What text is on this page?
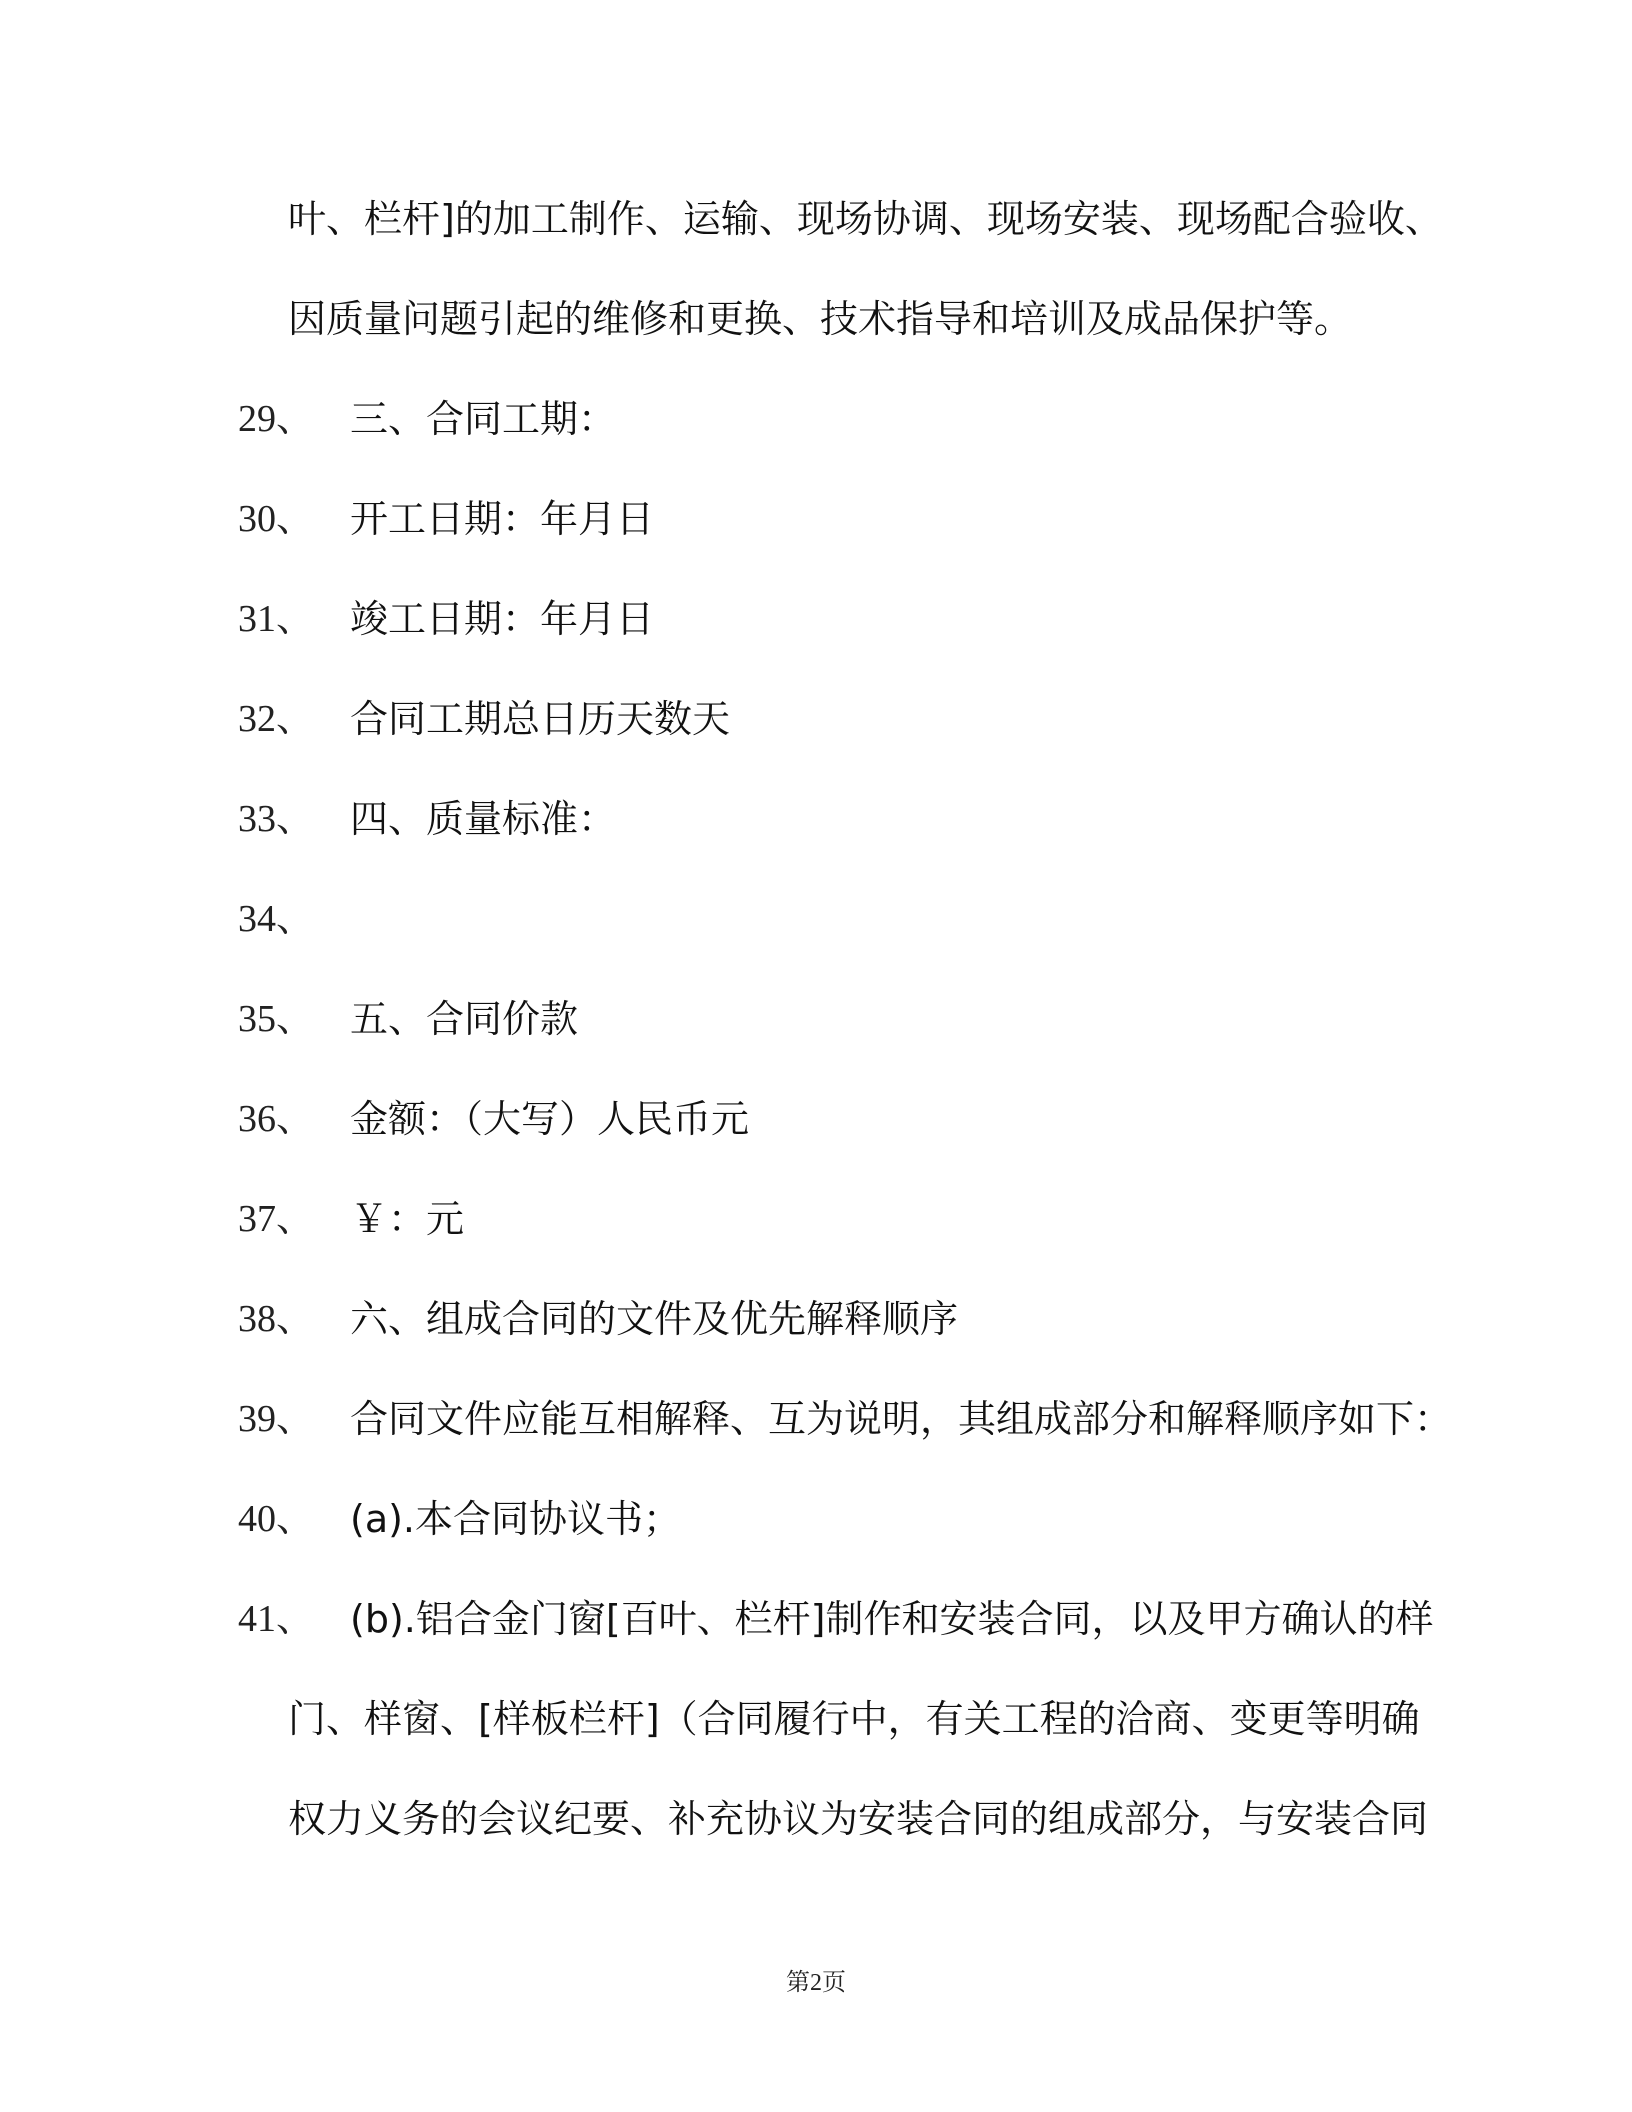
叶、栏杆]的加工制作、运输、现场协调、现场安装、现场配合验收、
因质量问题引起的维修和更换、技术指导和培训及成品保护等。
29、 三、合同工期：
30、 开工日期：年月日
31、 竣工日期：年月日
32、 合同工期总日历天数天
33、 四、质量标准：
34、
35、 五、合同价款
36、 金额：（大写）人民币元
37、 ￥：元
38、 六、组成合同的文件及优先解释顺序
39、 合同文件应能互相解释、互为说明，其组成部分和解释顺序如下：
40、 (a).本合同协议书；
41、 (b).铝合金门窗[百叶、栏杆]制作和安装合同，以及甲方确认的样
门、样窗、[样板栏杆]（合同履行中，有关工程的洽商、变更等明确
权力义务的会议纪要、补充协议为安装合同的组成部分，与安装合同
第2页
